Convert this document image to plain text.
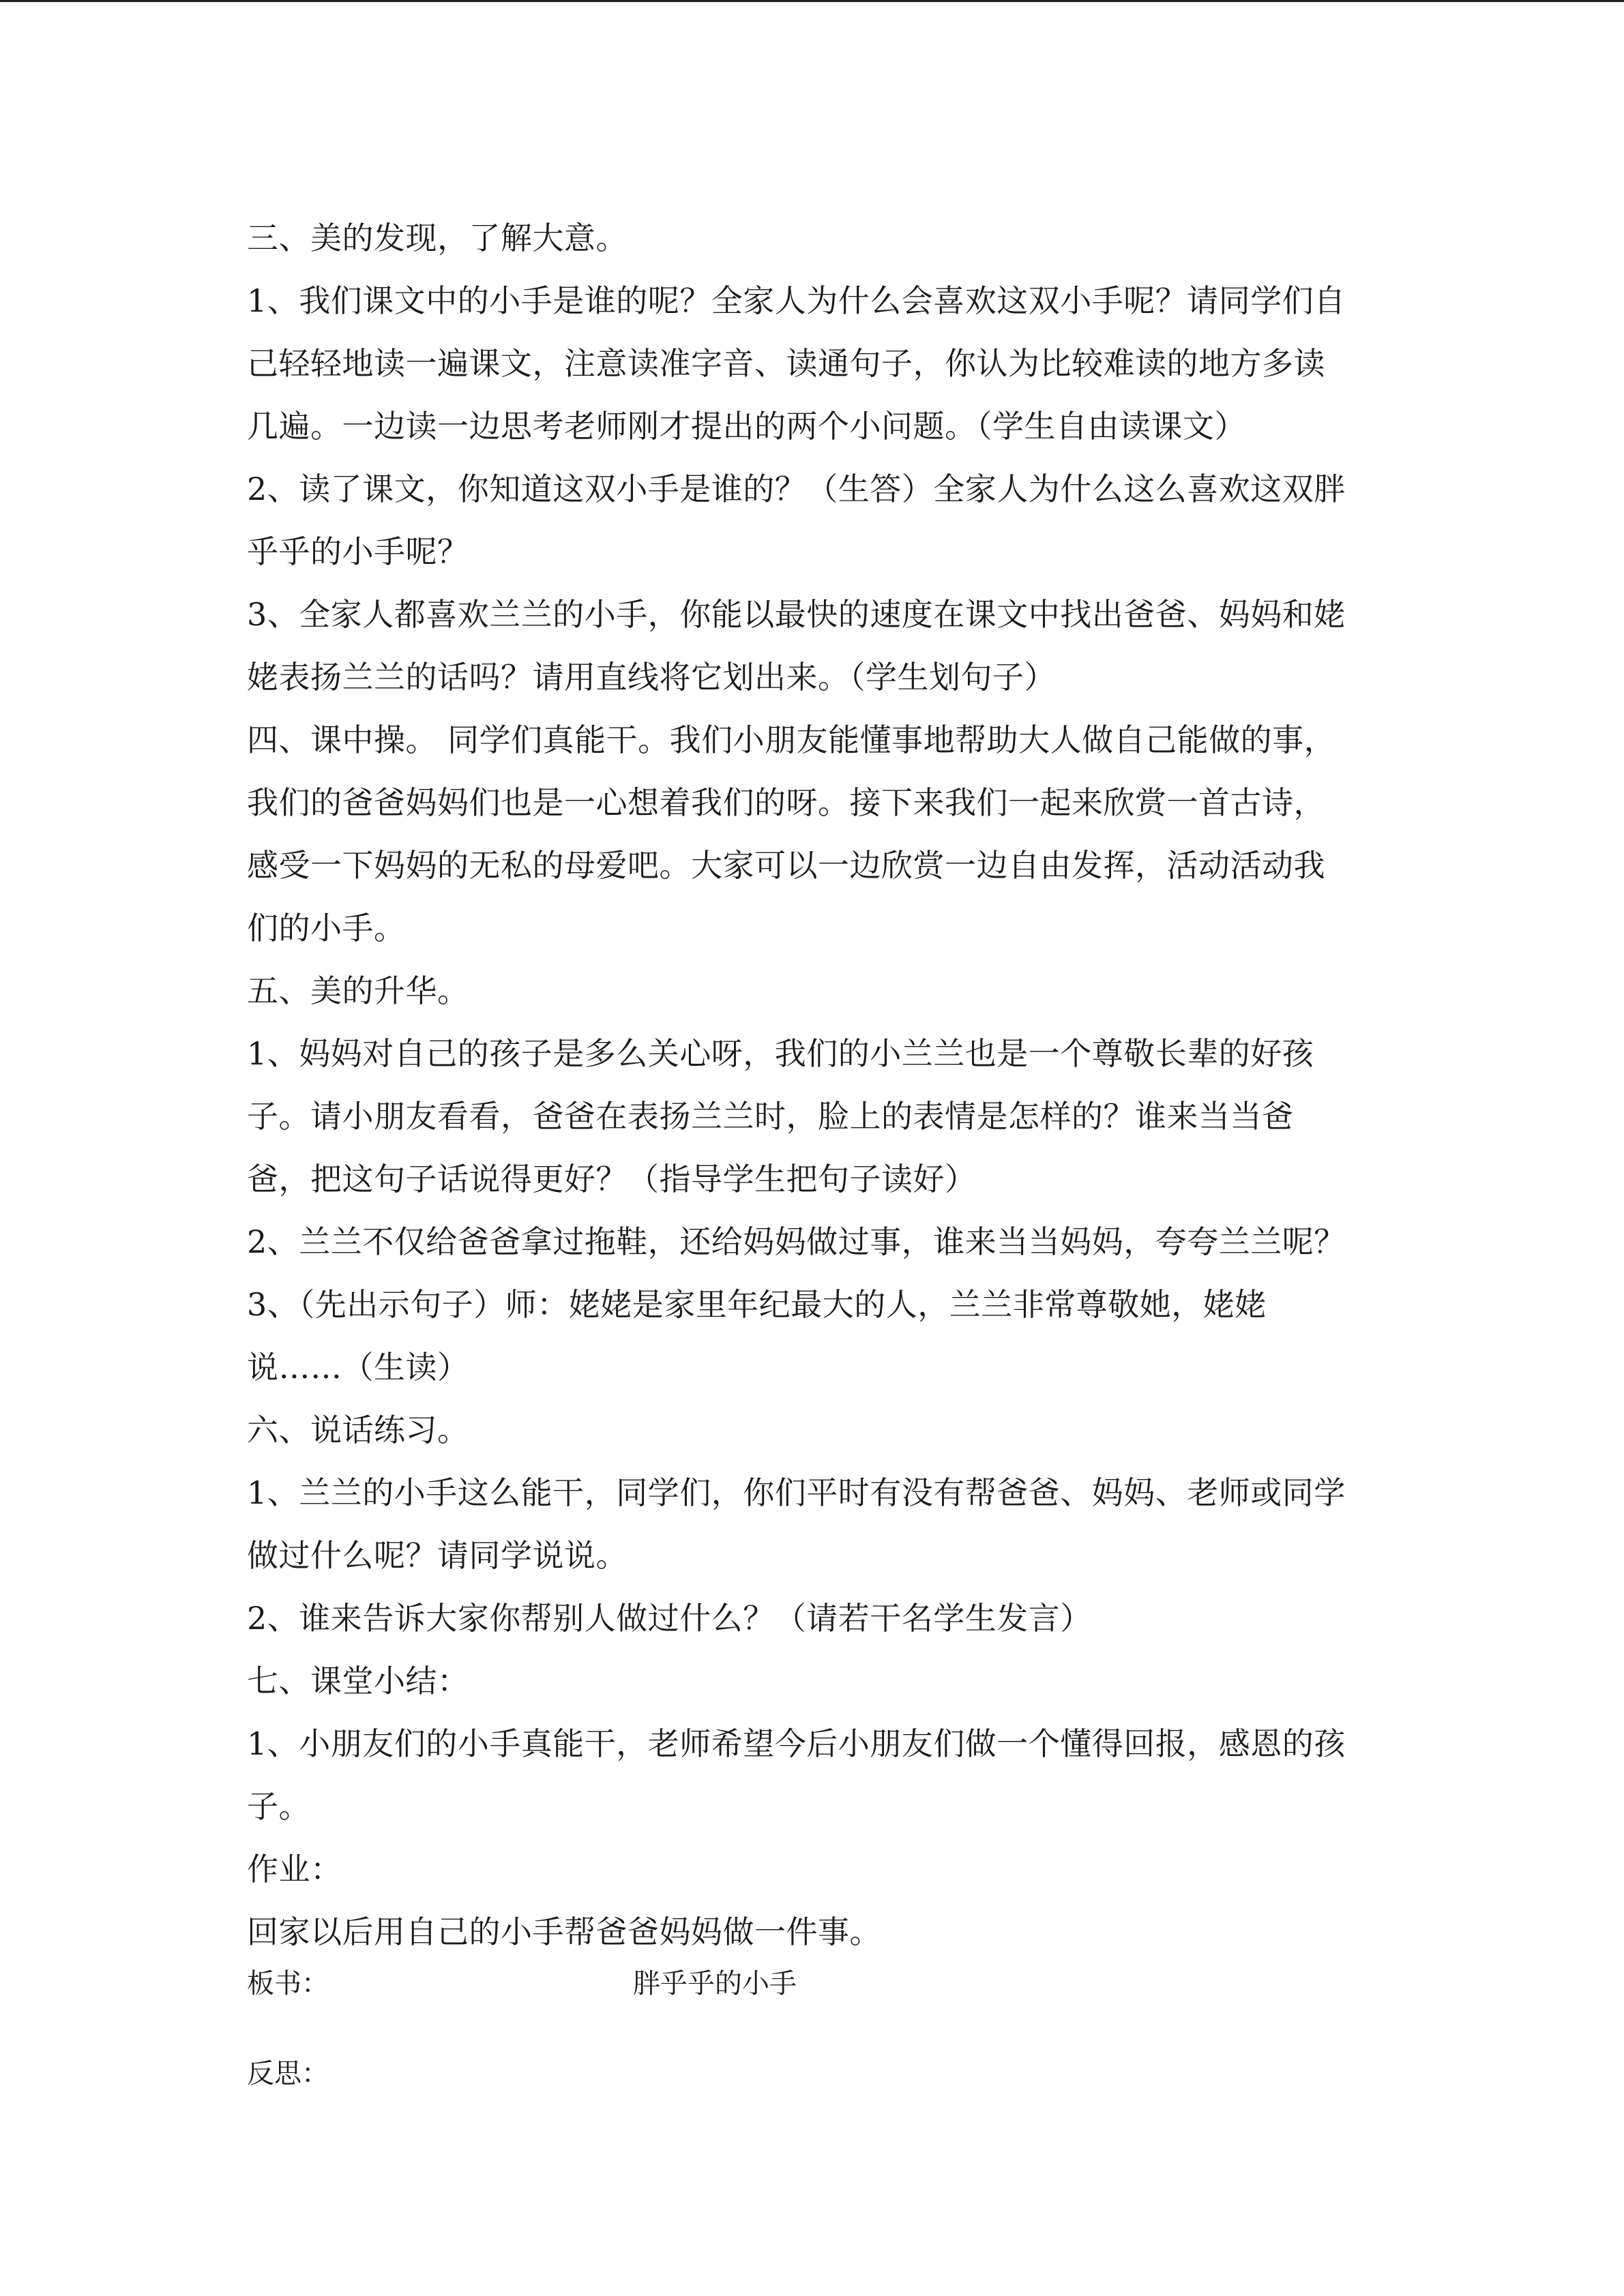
三、美的发现，了解大意。
1、我们课文中的小手是谁的呢？全家人为什么会喜欢这双小手呢？请同学们自
己轻轻地读一遍课文，注意读准字音、读通句子，你认为比较难读的地方多读
几遍。一边读一边思考老师刚才提出的两个小问题。（学生自由读课文）
2、读了课文，你知道这双小手是谁的？（生答）全家人为什么这么喜欢这双胖
乎乎的小手呢？
3、全家人都喜欢兰兰的小手，你能以最快的速度在课文中找出爸爸、妈妈和姥
姥表扬兰兰的话吗？请用直线将它划出来。（学生划句子）
四、课中操。 同学们真能干。我们小朋友能懂事地帮助大人做自己能做的事，
我们的爸爸妈妈们也是一心想着我们的呀。接下来我们一起来欣赏一首古诗，
感受一下妈妈的无私的母爱吧。大家可以一边欣赏一边自由发挥，活动活动我
们的小手。
五、美的升华。
1、妈妈对自己的孩子是多么关心呀，我们的小兰兰也是一个尊敬长辈的好孩
子。请小朋友看看，爸爸在表扬兰兰时，脸上的表情是怎样的？谁来当当爸
爸，把这句子话说得更好？（指导学生把句子读好）
2、兰兰不仅给爸爸拿过拖鞋，还给妈妈做过事，谁来当当妈妈，夸夸兰兰呢？
3、（先出示句子）师：姥姥是家里年纪最大的人，兰兰非常尊敬她，姥姥
说……（生读）
六、说话练习。
1、兰兰的小手这么能干，同学们，你们平时有没有帮爸爸、妈妈、老师或同学
做过什么呢？请同学说说。
2、谁来告诉大家你帮别人做过什么？（请若干名学生发言）
七、课堂小结：
1、小朋友们的小手真能干，老师希望今后小朋友们做一个懂得回报，感恩的孩
子。
作业：
回家以后用自己的小手帮爸爸妈妈做一件事。
板书：	胖乎乎的小手
反思：
